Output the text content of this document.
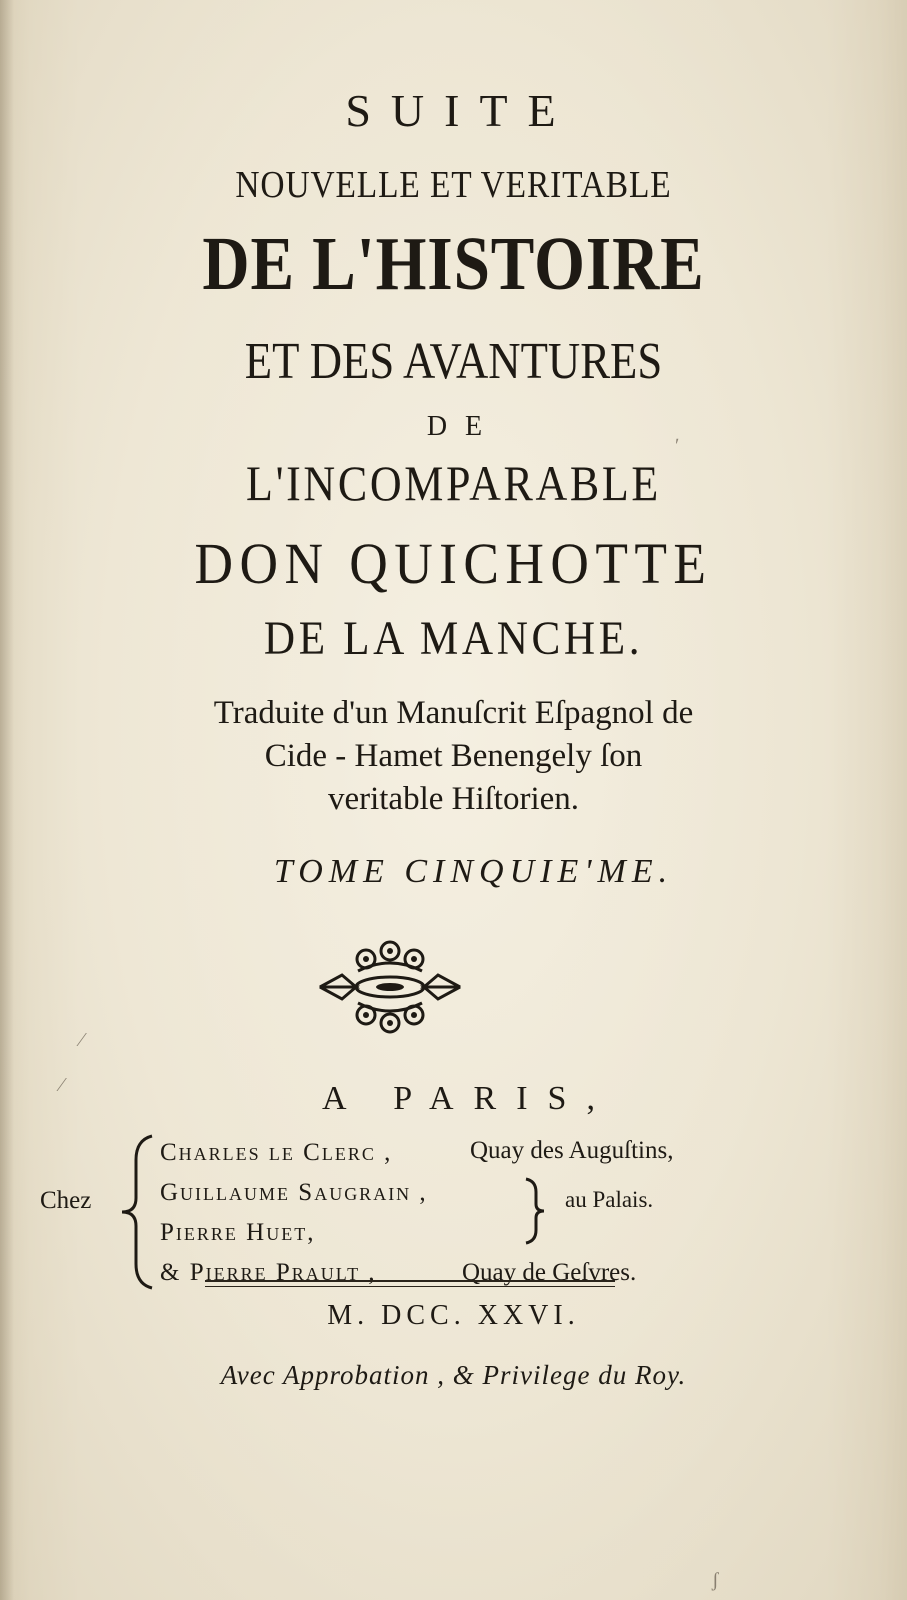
SUITE
NOUVELLE ET VERITABLE
DE L'HISTOIRE
ET DES AVANTURES
DE
L'INCOMPARABLE
DON QUICHOTTE
DE LA MANCHE.
Traduite d'un Manuſcrit Eſpagnol de
Cide - Hamet Benengely ſon
veritable Hiſtorien.
TOME CINQUIE'ME.
A PARIS,
Chez
Charles le Clerc ,	Quay des Auguſtins,
Guillaume Saugrain ,
Pierre Huet,
au Palais.
& Pierre Prault ,	Quay de Geſvres.
M. DCC. XXVI.
Avec Approbation , & Privilege du Roy.
⁄
⁄
ʹ
ʃ
